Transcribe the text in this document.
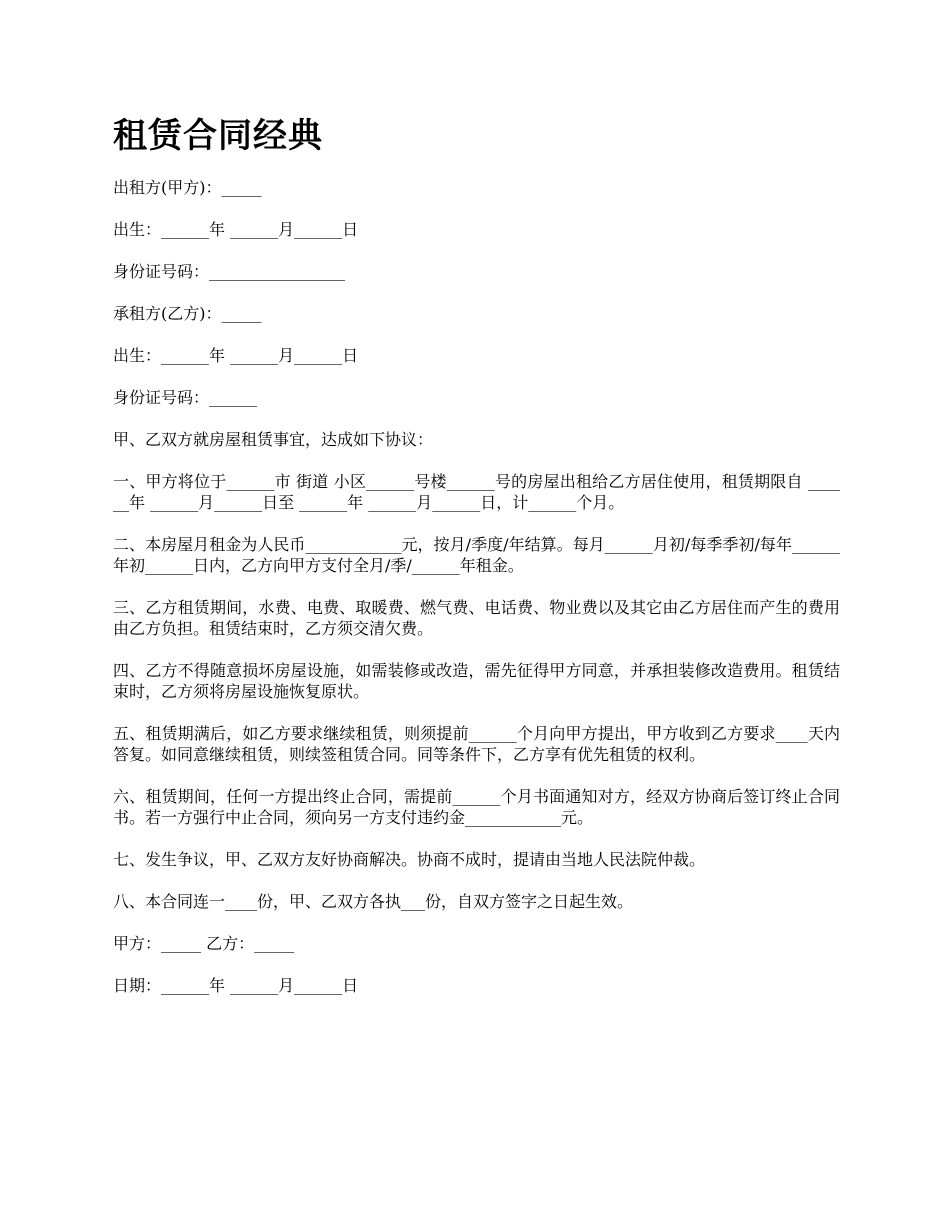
租赁合同经典

出租方(甲方)：_____

出生：______年 ______月______日

身份证号码：_________________

承租方(乙方)：_____

出生：______年 ______月______日

身份证号码：______

甲、乙双方就房屋租赁事宜，达成如下协议：

一、甲方将位于______市 街道 小区______号楼______号的房屋出租给乙方居住使用，租赁期限自 ______年 ______月______日至 ______年 ______月______日，计______个月。

二、本房屋月租金为人民币____________元，按月/季度/年结算。每月______月初/每季季初/每年______年初______日内，乙方向甲方支付全月/季/______年租金。

三、乙方租赁期间，水费、电费、取暖费、燃气费、电话费、物业费以及其它由乙方居住而产生的费用由乙方负担。租赁结束时，乙方须交清欠费。

四、乙方不得随意损坏房屋设施，如需装修或改造，需先征得甲方同意，并承担装修改造费用。租赁结束时，乙方须将房屋设施恢复原状。

五、租赁期满后，如乙方要求继续租赁，则须提前______个月向甲方提出，甲方收到乙方要求____天内答复。如同意继续租赁，则续签租赁合同。同等条件下，乙方享有优先租赁的权利。

六、租赁期间，任何一方提出终止合同，需提前______个月书面通知对方，经双方协商后签订终止合同书。若一方强行中止合同，须向另一方支付违约金____________元。

七、发生争议，甲、乙双方友好协商解决。协商不成时，提请由当地人民法院仲裁。

八、本合同连一____份，甲、乙双方各执___份，自双方签字之日起生效。

甲方：_____ 乙方：_____

日期：______年 ______月______日
